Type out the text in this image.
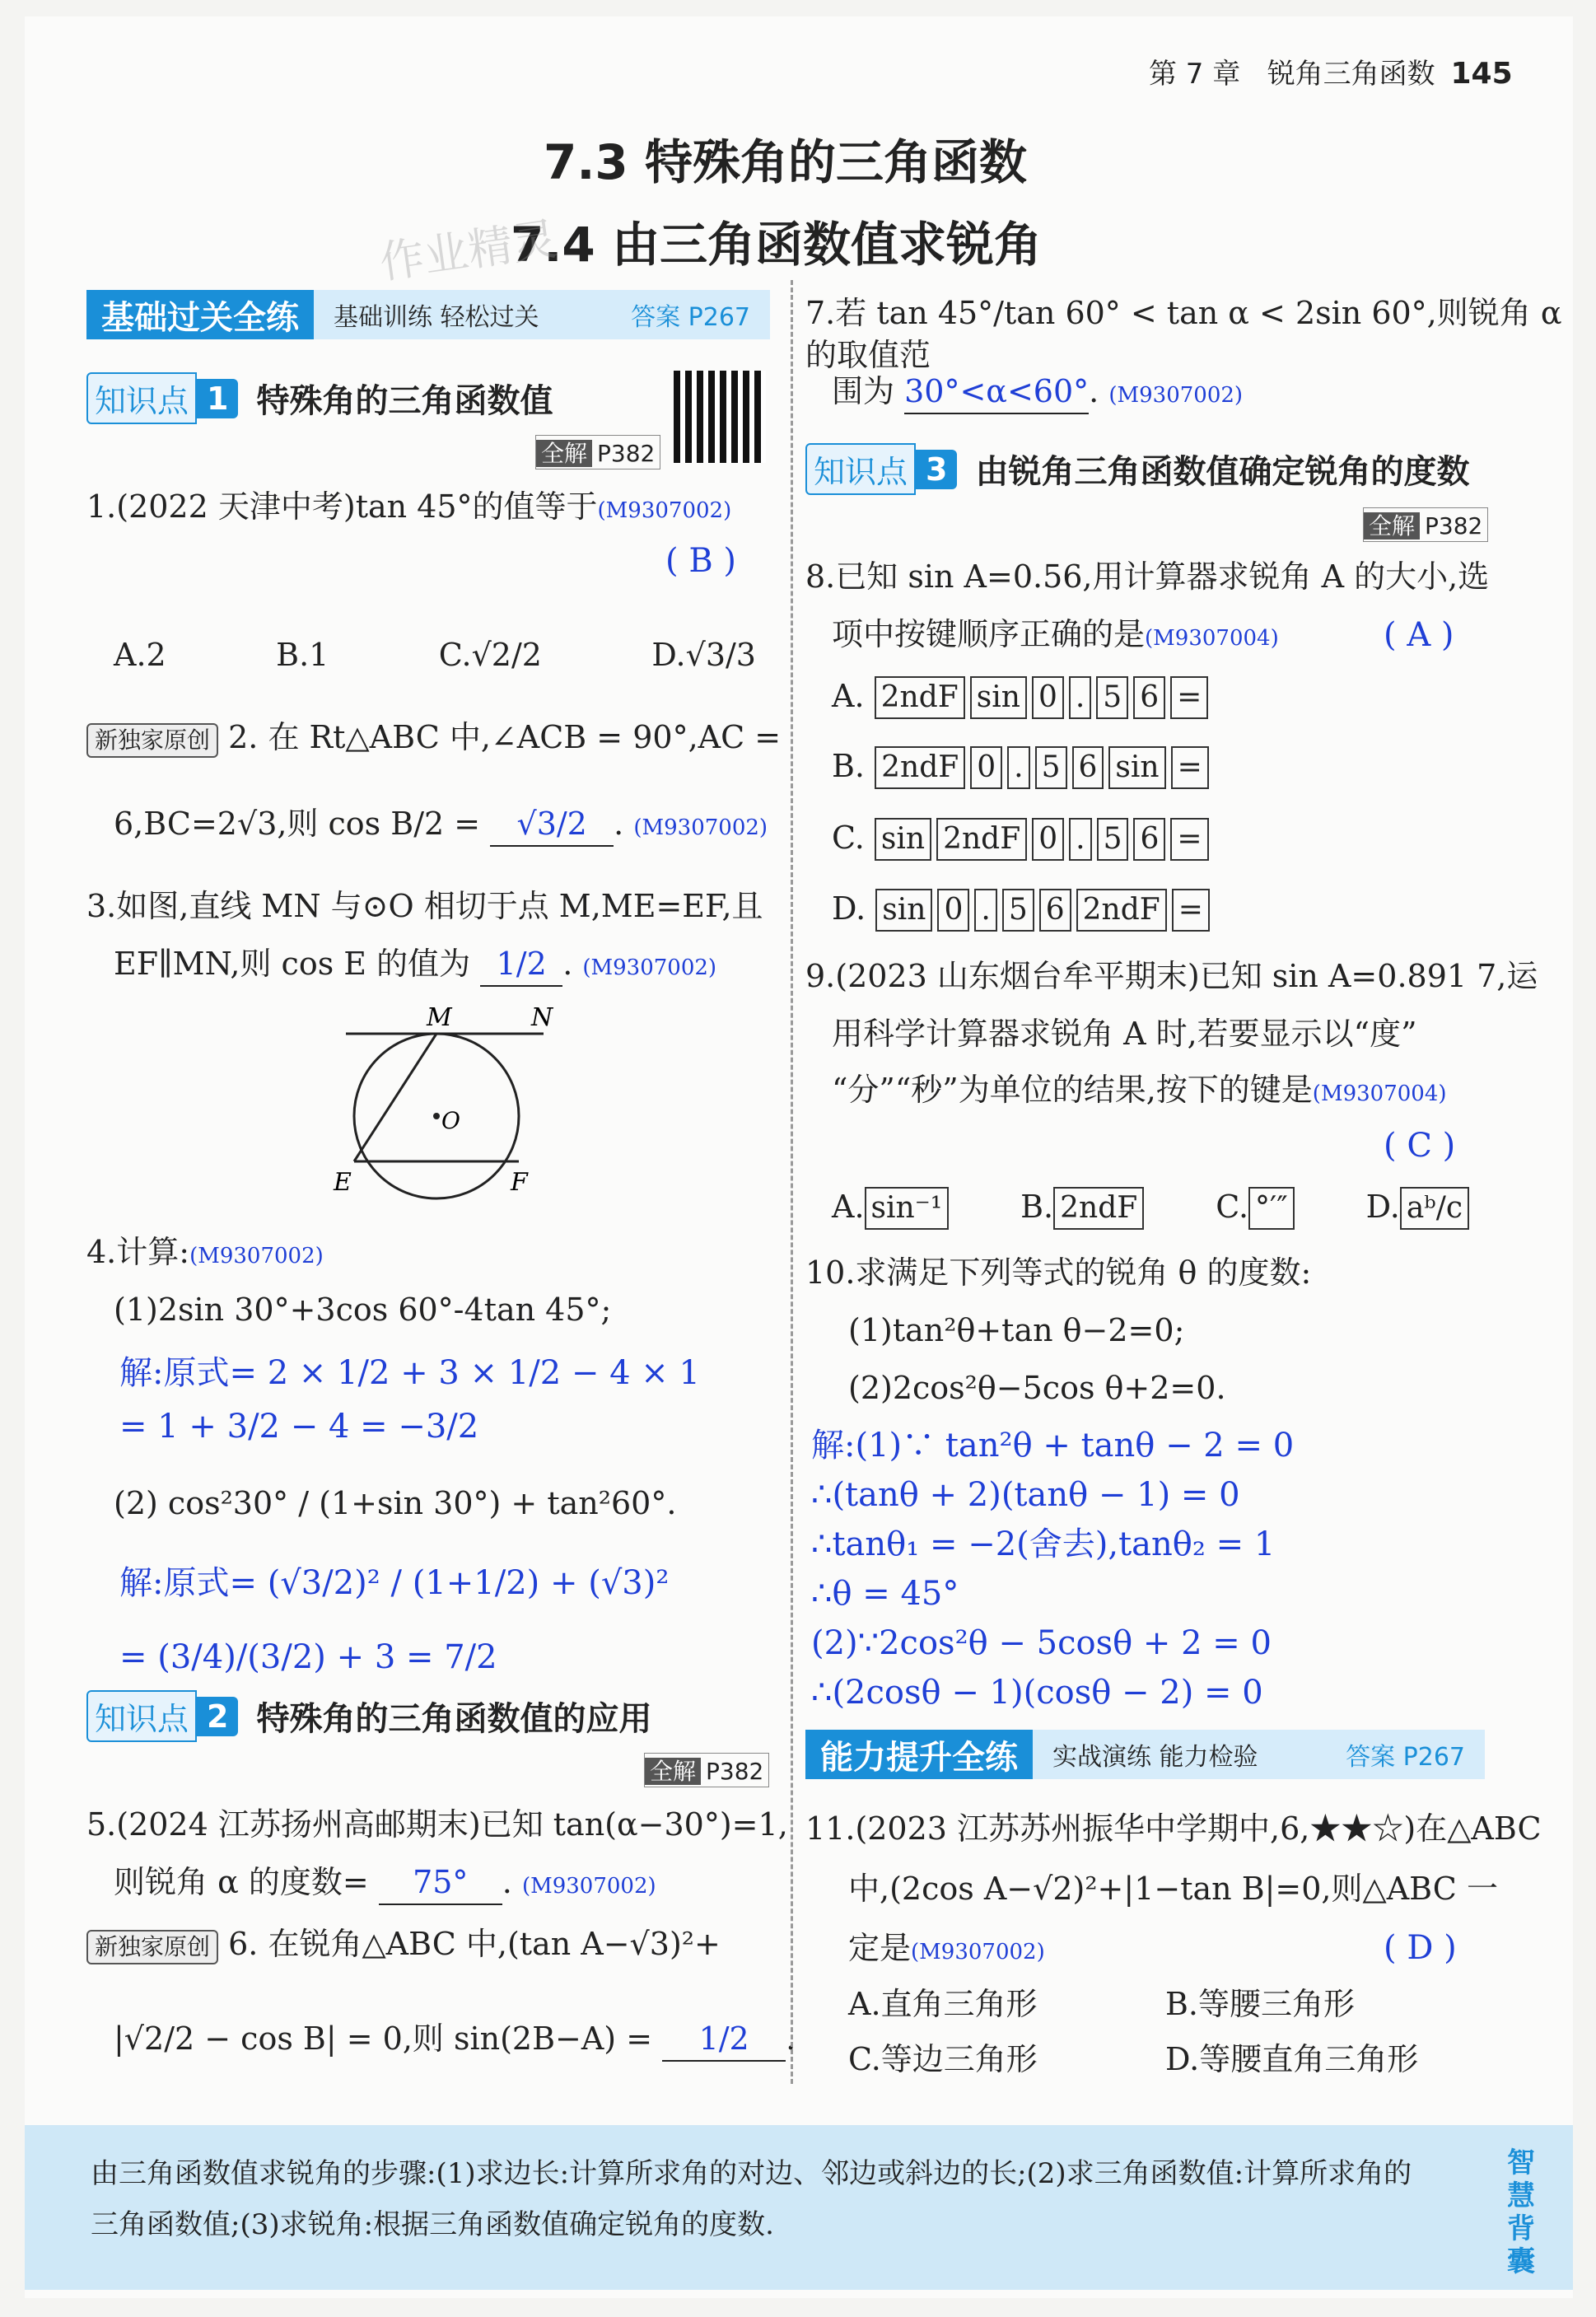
第 7 章 锐角三角函数 145
7.3 特殊角的三角函数
7.4 由三角函数值求锐角
基础过关全练	基础训练 轻松过关	答案 P267
知识点 1 特殊角的三角函数值
全解 P382
1.(2022 天津中考)tan 45°的值等于(M9307002)
( B )
A.2	B.1	C.√2/2	D.√3/3
新独家原创 2. 在 Rt△ABC 中,∠ACB = 90°,AC =
6,BC=2√3,则 cos B/2 = √3/2 . (M9307002)
3.如图,直线 MN 与⊙O 相切于点 M,ME=EF,且
EF∥MN,则 cos E 的值为 1/2 . (M9307002)
M	N
O
E	F
4.计算:(M9307002)
(1)2sin 30°+3cos 60°-4tan 45°;
解:原式= 2 × 1/2 + 3 × 1/2 − 4 × 1
= 1 + 3/2 − 4 = −3/2
(2) cos²30° / (1+sin 30°) + tan²60°.
解:原式= (√3/2)² / (1+1/2) + (√3)²
= (3/4)/(3/2) + 3 = 7/2
知识点 2 特殊角的三角函数值的应用
全解 P382
5.(2024 江苏扬州高邮期末)已知 tan(α−30°)=1,
则锐角 α 的度数= 75° . (M9307002)
新独家原创 6. 在锐角△ABC 中,(tan A−√3)²+
|√2/2 − cos B| = 0,则 sin(2B−A) = 1/2 .
7.若 tan 45°/tan 60° < tan α < 2sin 60°,则锐角 α 的取值范
围为 30°<α<60°. (M9307002)
知识点 3 由锐角三角函数值确定锐角的度数
全解 P382
8.已知 sin A=0.56,用计算器求锐角 A 的大小,选
项中按键顺序正确的是(M9307004)	( A )
A. 2ndF sin 0 . 5 6 =
B. 2ndF 0 . 5 6 sin =
C. sin 2ndF 0 . 5 6 =
D. sin 0 . 5 6 2ndF =
9.(2023 山东烟台牟平期末)已知 sin A=0.891 7,运
用科学计算器求锐角 A 时,若要显示以“度”
“分”“秒”为单位的结果,按下的键是(M9307004)
( C )
A. sin⁻¹	B. 2ndF	C. °′″	D. aᵇ/c
10.求满足下列等式的锐角 θ 的度数:
(1)tan²θ+tan θ−2=0;
(2)2cos²θ−5cos θ+2=0.
解:(1)∵ tan²θ + tanθ − 2 = 0
∴(tanθ + 2)(tanθ − 1) = 0
∴tanθ₁ = −2(舍去),tanθ₂ = 1
∴θ = 45°
(2)∵2cos²θ − 5cosθ + 2 = 0
∴(2cosθ − 1)(cosθ − 2) = 0
能力提升全练	实战演练 能力检验	答案 P267
11.(2023 江苏苏州振华中学期中,6,★★☆)在△ABC
中,(2cos A−√2)²+|1−tan B|=0,则△ABC 一
定是(M9307002)	( D )
A.直角三角形	B.等腰三角形
C.等边三角形	D.等腰直角三角形
作业精灵
由三角函数值求锐角的步骤:(1)求边长:计算所求角的对边、邻边或斜边的长;(2)求三角函数值:计算所求角的三角函数值;(3)求锐角:根据三角函数值确定锐角的度数.
智慧背囊
